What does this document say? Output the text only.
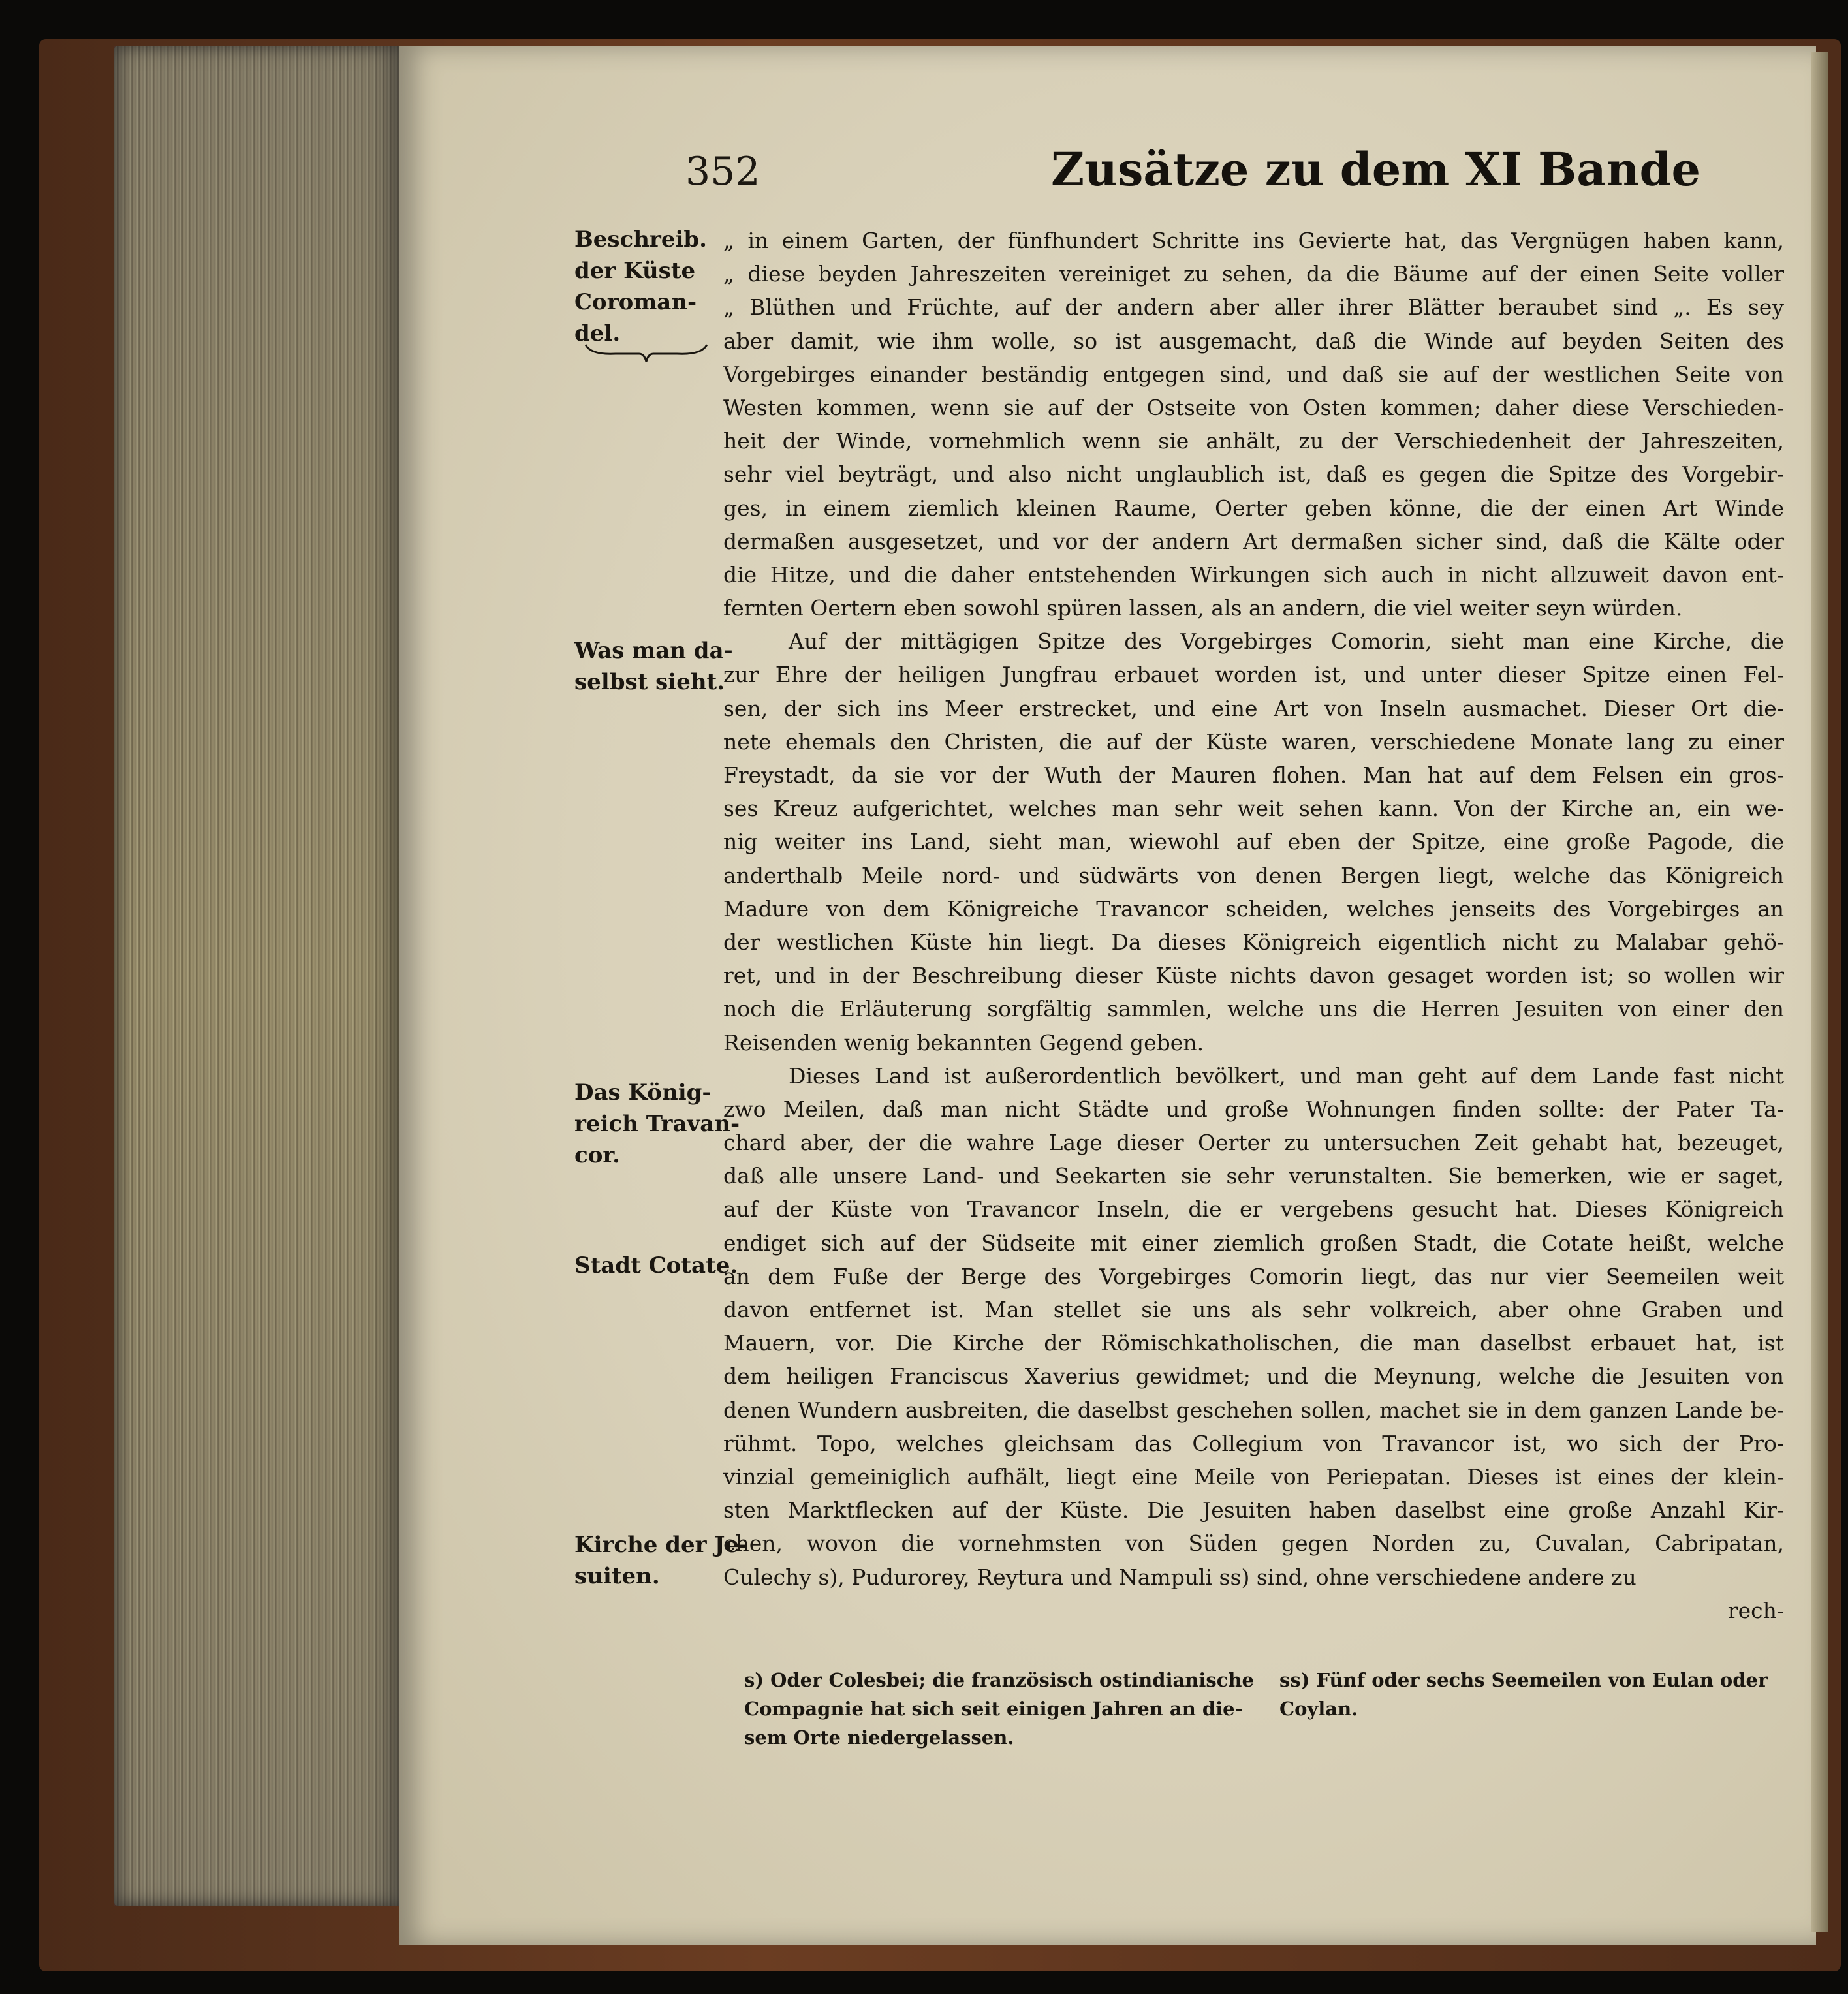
352	Zusätze zu dem XI Bande
Beschreib.
der Küste
Coroman-
del.
Was man da-
selbst sieht.
Das König-
reich Travan-
cor.
Stadt Cotate.
Kirche der Je-
suiten.
„ in einem Garten, der fünfhundert Schritte ins Gevierte hat, das Vergnügen haben kann,
„ diese beyden Jahreszeiten vereiniget zu sehen, da die Bäume auf der einen Seite voller
„ Blüthen und Früchte, auf der andern aber aller ihrer Blätter beraubet sind „. Es sey
aber damit, wie ihm wolle, so ist ausgemacht, daß die Winde auf beyden Seiten des
Vorgebirges einander beständig entgegen sind, und daß sie auf der westlichen Seite von
Westen kommen, wenn sie auf der Ostseite von Osten kommen; daher diese Verschieden-
heit der Winde, vornehmlich wenn sie anhält, zu der Verschiedenheit der Jahreszeiten,
sehr viel beyträgt, und also nicht unglaublich ist, daß es gegen die Spitze des Vorgebir-
ges, in einem ziemlich kleinen Raume, Oerter geben könne, die der einen Art Winde
dermaßen ausgesetzet, und vor der andern Art dermaßen sicher sind, daß die Kälte oder
die Hitze, und die daher entstehenden Wirkungen sich auch in nicht allzuweit davon ent-
fernten Oertern eben sowohl spüren lassen, als an andern, die viel weiter seyn würden.
Auf der mittägigen Spitze des Vorgebirges Comorin, sieht man eine Kirche, die
zur Ehre der heiligen Jungfrau erbauet worden ist, und unter dieser Spitze einen Fel-
sen, der sich ins Meer erstrecket, und eine Art von Inseln ausmachet. Dieser Ort die-
nete ehemals den Christen, die auf der Küste waren, verschiedene Monate lang zu einer
Freystadt, da sie vor der Wuth der Mauren flohen. Man hat auf dem Felsen ein gros-
ses Kreuz aufgerichtet, welches man sehr weit sehen kann. Von der Kirche an, ein we-
nig weiter ins Land, sieht man, wiewohl auf eben der Spitze, eine große Pagode, die
anderthalb Meile nord- und südwärts von denen Bergen liegt, welche das Königreich
Madure von dem Königreiche Travancor scheiden, welches jenseits des Vorgebirges an
der westlichen Küste hin liegt. Da dieses Königreich eigentlich nicht zu Malabar gehö-
ret, und in der Beschreibung dieser Küste nichts davon gesaget worden ist; so wollen wir
noch die Erläuterung sorgfältig sammlen, welche uns die Herren Jesuiten von einer den
Reisenden wenig bekannten Gegend geben.
Dieses Land ist außerordentlich bevölkert, und man geht auf dem Lande fast nicht
zwo Meilen, daß man nicht Städte und große Wohnungen finden sollte: der Pater Ta-
chard aber, der die wahre Lage dieser Oerter zu untersuchen Zeit gehabt hat, bezeuget,
daß alle unsere Land- und Seekarten sie sehr verunstalten. Sie bemerken, wie er saget,
auf der Küste von Travancor Inseln, die er vergebens gesucht hat. Dieses Königreich
endiget sich auf der Südseite mit einer ziemlich großen Stadt, die Cotate heißt, welche
an dem Fuße der Berge des Vorgebirges Comorin liegt, das nur vier Seemeilen weit
davon entfernet ist. Man stellet sie uns als sehr volkreich, aber ohne Graben und
Mauern, vor. Die Kirche der Römischkatholischen, die man daselbst erbauet hat, ist
dem heiligen Franciscus Xaverius gewidmet; und die Meynung, welche die Jesuiten von
denen Wundern ausbreiten, die daselbst geschehen sollen, machet sie in dem ganzen Lande be-
rühmt. Topo, welches gleichsam das Collegium von Travancor ist, wo sich der Pro-
vinzial gemeiniglich aufhält, liegt eine Meile von Periepatan. Dieses ist eines der klein-
sten Marktflecken auf der Küste. Die Jesuiten haben daselbst eine große Anzahl Kir-
chen, wovon die vornehmsten von Süden gegen Norden zu, Cuvalan, Cabripatan,
Culechy s), Pudurorey, Reytura und Nampuli ss) sind, ohne verschiedene andere zu
rech-
s) Oder Colesbei; die französisch ostindianische
Compagnie hat sich seit einigen Jahren an die-
sem Orte niedergelassen.
ss) Fünf oder sechs Seemeilen von Eulan oder
Coylan.
